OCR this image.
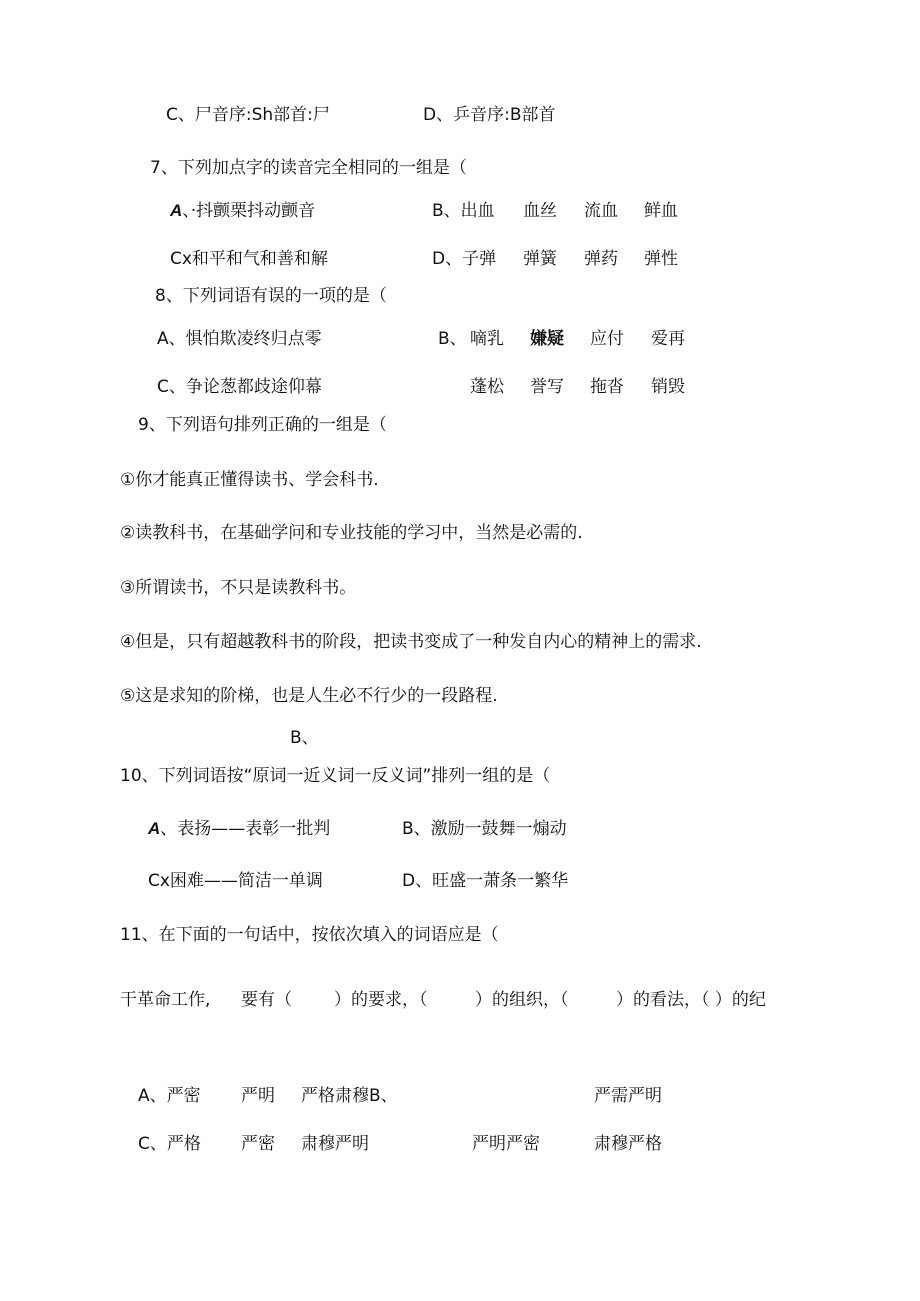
C、尸音序:Sh部首:尸	D、乒音序:B部首
7、下列加点字的读音完全相同的一组是（
A、·抖颤栗抖动颤音	B、出血 血丝 流血 鲜血
Cx和平和气和善和解	D、子弹 弹簧 弹药 弹性
8、下列词语有误的一项的是（
A、惧怕欺凌终归点零	B、 嘀乳 嫌疑 应付 爱再
C、争论葱都歧途仰幕	蓬松 誉写 拖沓 销毁
9、下列语句排列正确的一组是（
①你才能真正懂得读书、学会科书.
②读教科书，在基础学问和专业技能的学习中，当然是必需的.
③所谓读书，不只是读教科书。
④但是，只有超越教科书的阶段，把读书变成了一种发自内心的精神上的需求.
⑤这是求知的阶梯，也是人生必不行少的一段路程.
B、
10、下列词语按“原词一近义词一反义词”排列一组的是（
A、表扬——表彰一批判	B、激励一鼓舞一煽动
Cx困难——简洁一单调	D、旺盛一萧条一繁华
11、在下面的一句话中，按依次填入的词语应是（
干革命工作, 要有（ ）的要求，（	）的组织，（	）的看法，（ ）的纪
A、严密 严明 严格肃穆B、	严需严明
C、严格 严密 肃穆严明	严明严密	肃穆严格
